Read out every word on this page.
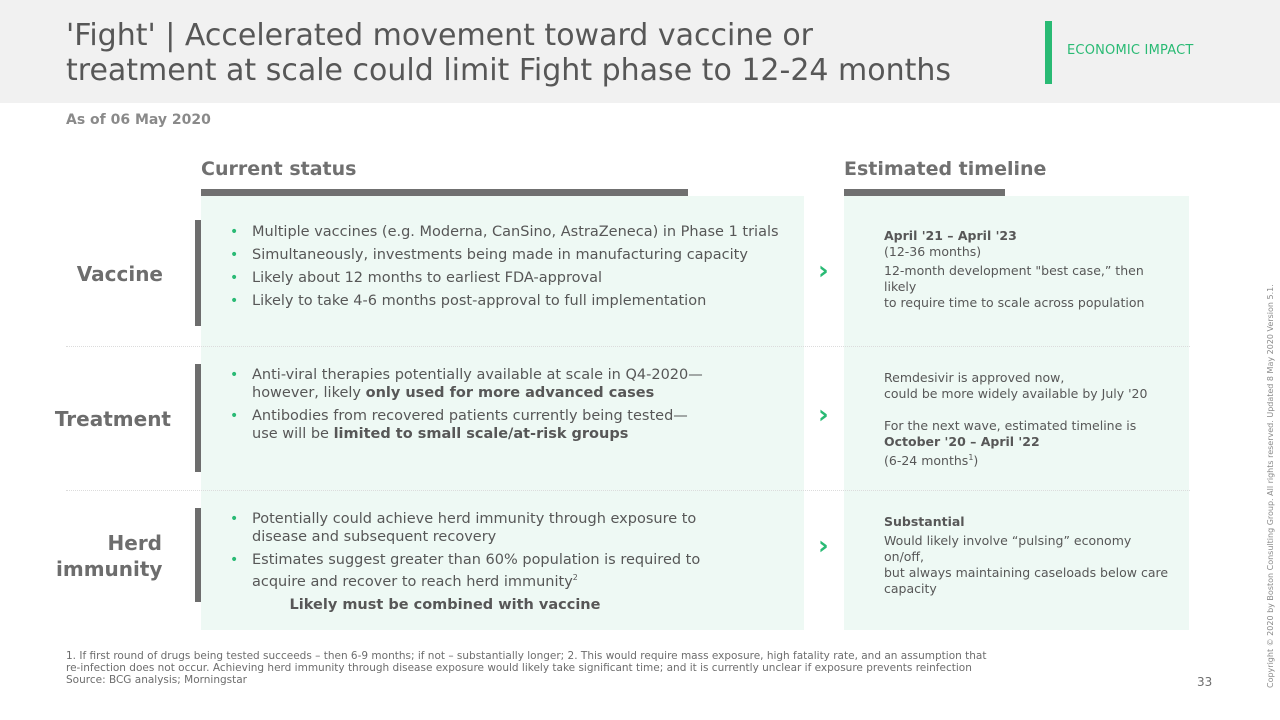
'Fight' | Accelerated movement toward vaccine or
treatment at scale could limit Fight phase to 12-24 months
ECONOMIC IMPACT
As of 06 May 2020
Current status	Estimated timeline
Vaccine
• Multiple vaccines (e.g. Moderna, CanSino, AstraZeneca) in Phase 1 trials
• Simultaneously, investments being made in manufacturing capacity
• Likely about 12 months to earliest FDA-approval
• Likely to take 4-6 months post-approval to full implementation
›

April '21 – April '23

(12-36 months)

12-month development "best case,” then likely

to require time to scale across population

Treatment
• Anti-viral therapies potentially available at scale in Q4-2020—
however, likely only used for more advanced cases
• Antibodies from recovered patients currently being tested—
use will be limited to small scale/at-risk groups
›

Remdesivir is approved now,

could be more widely available by July '20

For the next wave, estimated timeline is

October '20 – April '22

(6-24 months$^1$)

Herd
immunity
• Potentially could achieve herd immunity through exposure to
disease and subsequent recovery
• Estimates suggest greater than 60% population is required to
acquire and recover to reach herd immunity$^2$
Likely must be combined with vaccine
›

Substantial

Would likely involve “pulsing” economy on/off,

but always maintaining caseloads below care

capacity

1. If first round of drugs being tested succeeds – then 6-9 months; if not – substantially longer; 2. This would require mass exposure, high fatality rate, and an assumption that
re-infection does not occur. Achieving herd immunity through disease exposure would likely take significant time; and it is currently unclear if exposure prevents reinfection
Source: BCG analysis; Morningstar	33	Copyright © 2020 by Boston Consulting Group. All rights reserved. Updated 8 May 2020 Version 5.1.
